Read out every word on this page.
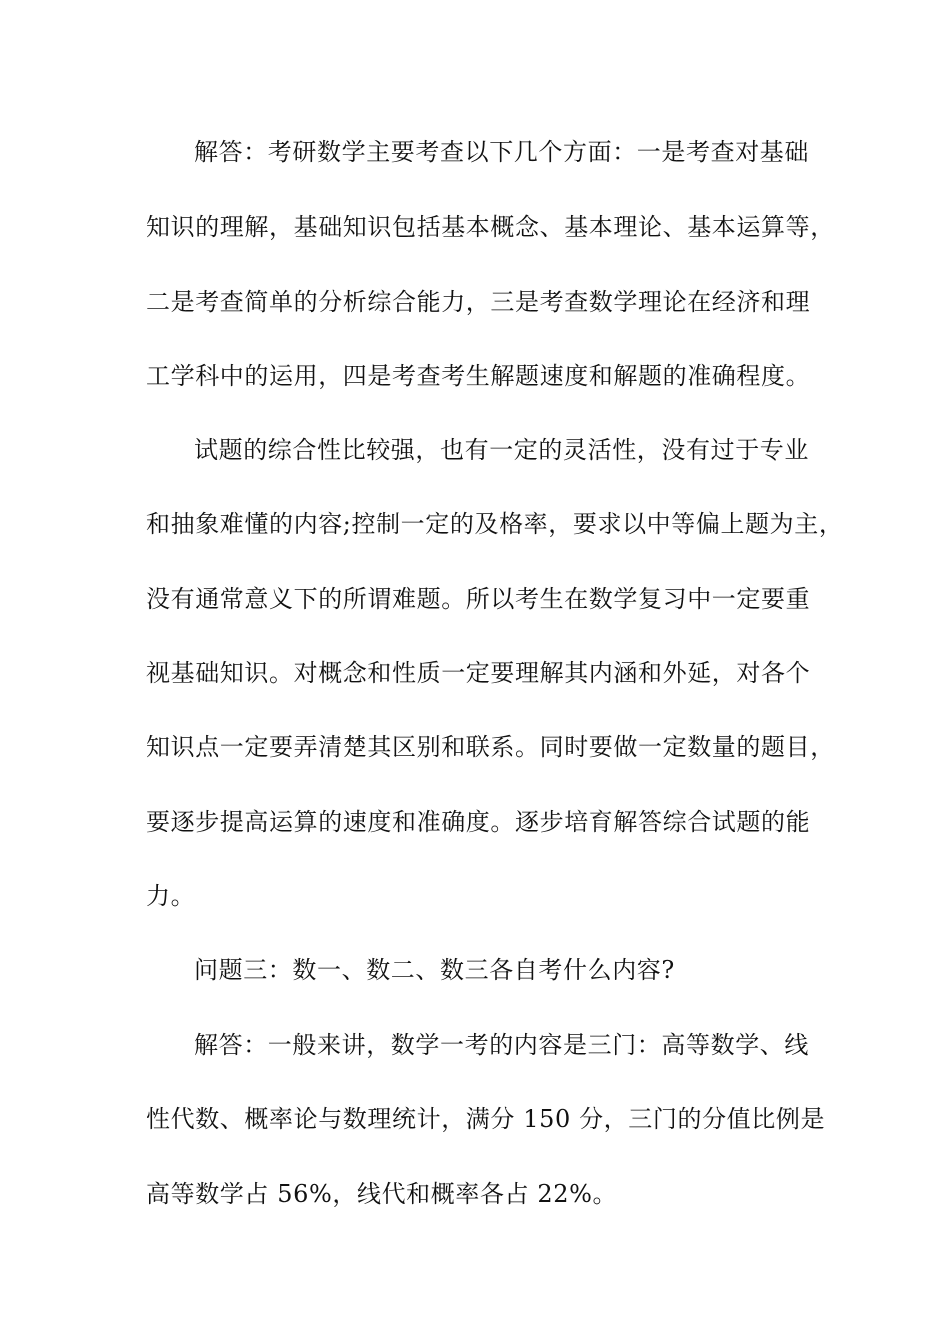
解答：考研数学主要考查以下几个方面：一是考查对基础
知识的理解，基础知识包括基本概念、基本理论、基本运算等，
二是考查简单的分析综合能力，三是考查数学理论在经济和理
工学科中的运用，四是考查考生解题速度和解题的准确程度。
试题的综合性比较强，也有一定的灵活性，没有过于专业
和抽象难懂的内容;控制一定的及格率，要求以中等偏上题为主，
没有通常意义下的所谓难题。所以考生在数学复习中一定要重
视基础知识。对概念和性质一定要理解其内涵和外延，对各个
知识点一定要弄清楚其区别和联系。同时要做一定数量的题目，
要逐步提高运算的速度和准确度。逐步培育解答综合试题的能
力。
问题三：数一、数二、数三各自考什么内容?
解答：一般来讲，数学一考的内容是三门：高等数学、线
性代数、概率论与数理统计，满分 150 分，三门的分值比例是
高等数学占 56%，线代和概率各占 22%。
